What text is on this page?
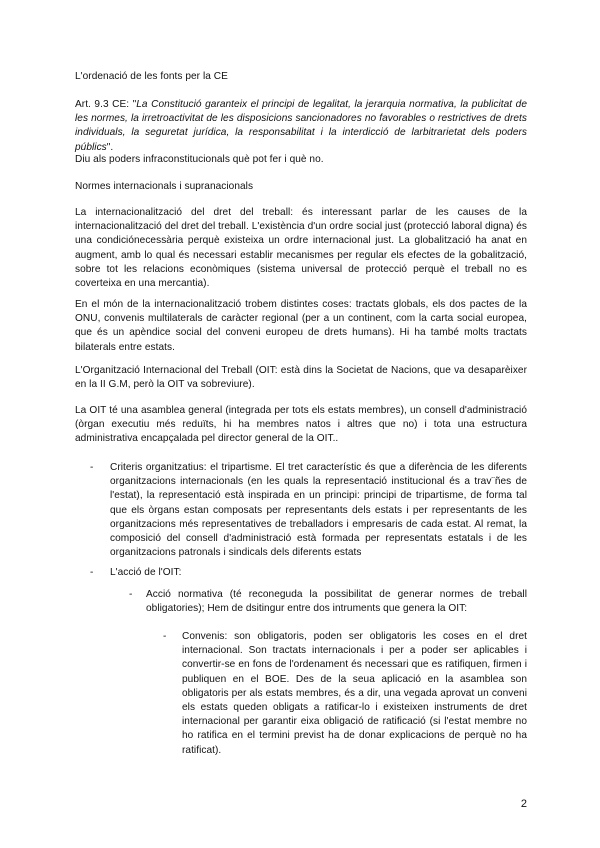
L'ordenació de les fonts per la CE

Art. 9.3 CE: "La Constitució garanteix el principi de legalitat, la jerarquia normativa, la publicitat de les normes, la irretroactivitat de les disposicions sancionadores no favorables o restrictives de drets individuals, la seguretat jurídica, la responsabilitat i la interdicció de larbitrarietat dels poders públics".

Diu als poders infraconstitucionals què pot fer i què no.

Normes internacionals i supranacionals

La internacionalització del dret del treball: és interessant parlar de les causes de la internacionalització del dret del treball. L'existència d'un ordre social just (protecció laboral digna) és una condiciónecessària perquè existeixa un ordre internacional just. La globalització ha anat en augment, amb lo qual és necessari establir mecanismes per regular els efectes de la gobalització, sobre tot les relacions econòmiques (sistema universal de protecció perquè el treball no es coverteixa en una mercantia).

En el món de la internacionalització trobem distintes coses: tractats globals, els dos pactes de la ONU, convenis multilaterals de caràcter regional (per a un continent, com la carta social europea, que és un apèndice social del conveni europeu de drets humans). Hi ha també molts tractats bilaterals entre estats.

L'Organització Internacional del Treball (OIT: està dins la Societat de Nacions, que va desaparèixer en la II G.M, però la OIT va sobreviure).

La OIT té una asamblea general (integrada per tots els estats membres), un consell d'administració (òrgan executiu més reduïts, hi ha membres natos i altres que no) i tota una estructura administrativa encapçalada pel director general de la OIT..

- Criteris organitzatius: el tripartisme. El tret característic és que a diferència de les diferents organitzacions internacionals (en les quals la representació institucional és a trav¨ñes de l'estat), la representació està inspirada en un principi: principi de tripartisme, de forma tal que els òrgans estan composats per representants dels estats i per representants de les organitzacions més representatives de treballadors i empresaris de cada estat. Al remat, la composició del consell d'administració està formada per representats estatals i de les organitzacions patronals i sindicals dels diferents estats

- L'acció de l'OIT:

- Acció normativa (té reconeguda la possibilitat de generar normes de treball obligatories); Hem de dsitingur entre dos intruments que genera la OIT:

- Convenis: son obligatoris, poden ser obligatoris les coses en el dret internacional. Son tractats internacionals i per a poder ser aplicables i convertir-se en fons de l'ordenament és necessari que es ratifiquen, firmen i publiquen en el BOE. Des de la seua aplicació en la asamblea son obligatoris per als estats membres, és a dir, una vegada aprovat un conveni els estats queden obligats a ratificar-lo i existeixen instruments de dret internacional per garantir eixa obligació de ratificació (si l'estat membre no ho ratifica en el termini previst ha de donar explicacions de perquè no ha ratificat).

2
